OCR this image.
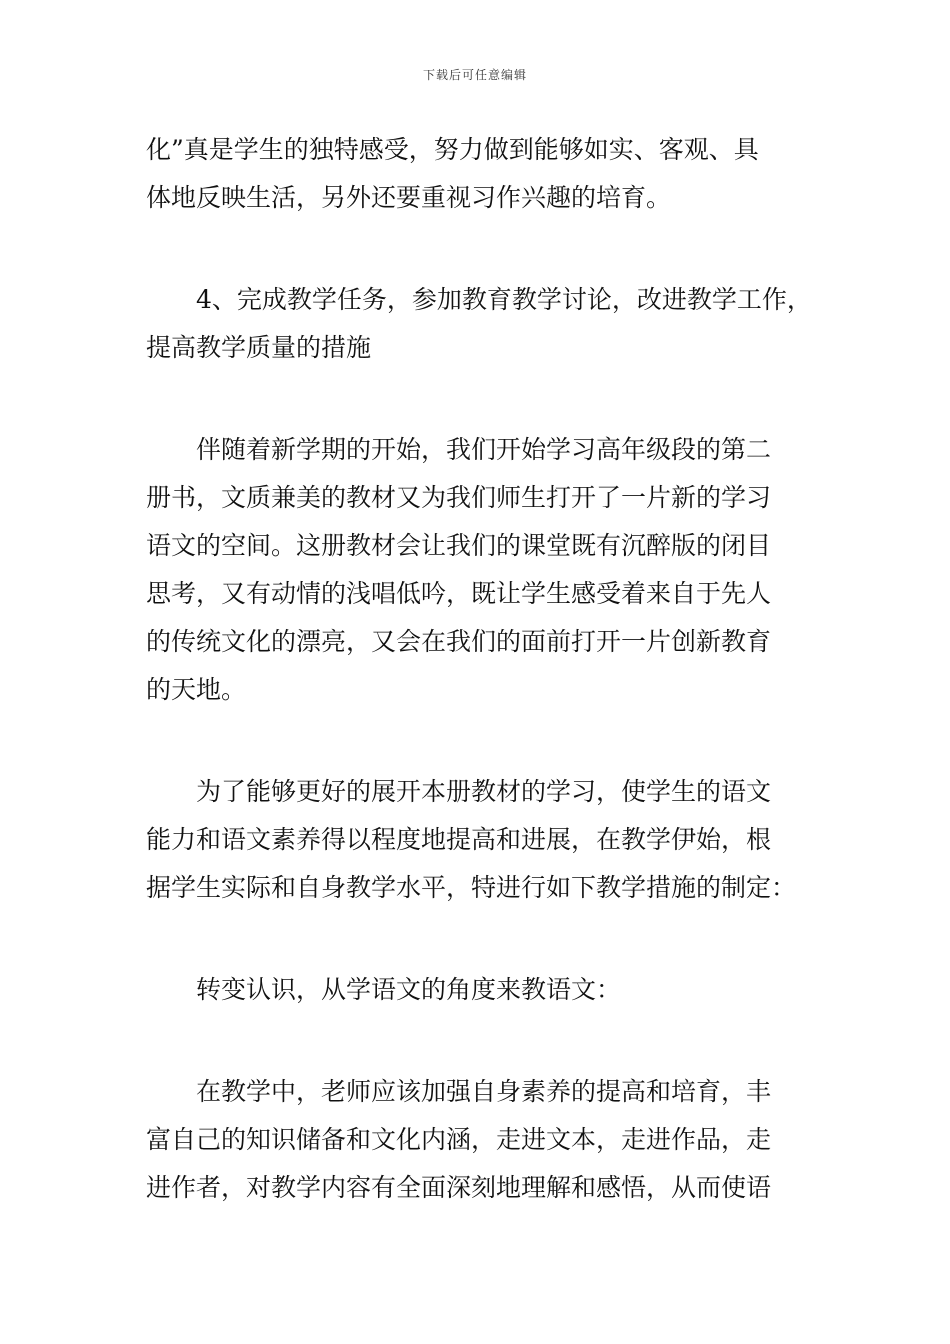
下载后可任意编辑
化”真是学生的独特感受，努力做到能够如实、客观、具
体地反映生活，另外还要重视习作兴趣的培育。
4、完成教学任务，参加教育教学讨论，改进教学工作，
提高教学质量的措施
伴随着新学期的开始，我们开始学习高年级段的第二
册书，文质兼美的教材又为我们师生打开了一片新的学习
语文的空间。这册教材会让我们的课堂既有沉醉版的闭目
思考，又有动情的浅唱低吟，既让学生感受着来自于先人
的传统文化的漂亮，又会在我们的面前打开一片创新教育
的天地。
为了能够更好的展开本册教材的学习，使学生的语文
能力和语文素养得以程度地提高和进展，在教学伊始，根
据学生实际和自身教学水平，特进行如下教学措施的制定：
转变认识，从学语文的角度来教语文：
在教学中，老师应该加强自身素养的提高和培育，丰
富自己的知识储备和文化内涵，走进文本，走进作品，走
进作者，对教学内容有全面深刻地理解和感悟，从而使语
